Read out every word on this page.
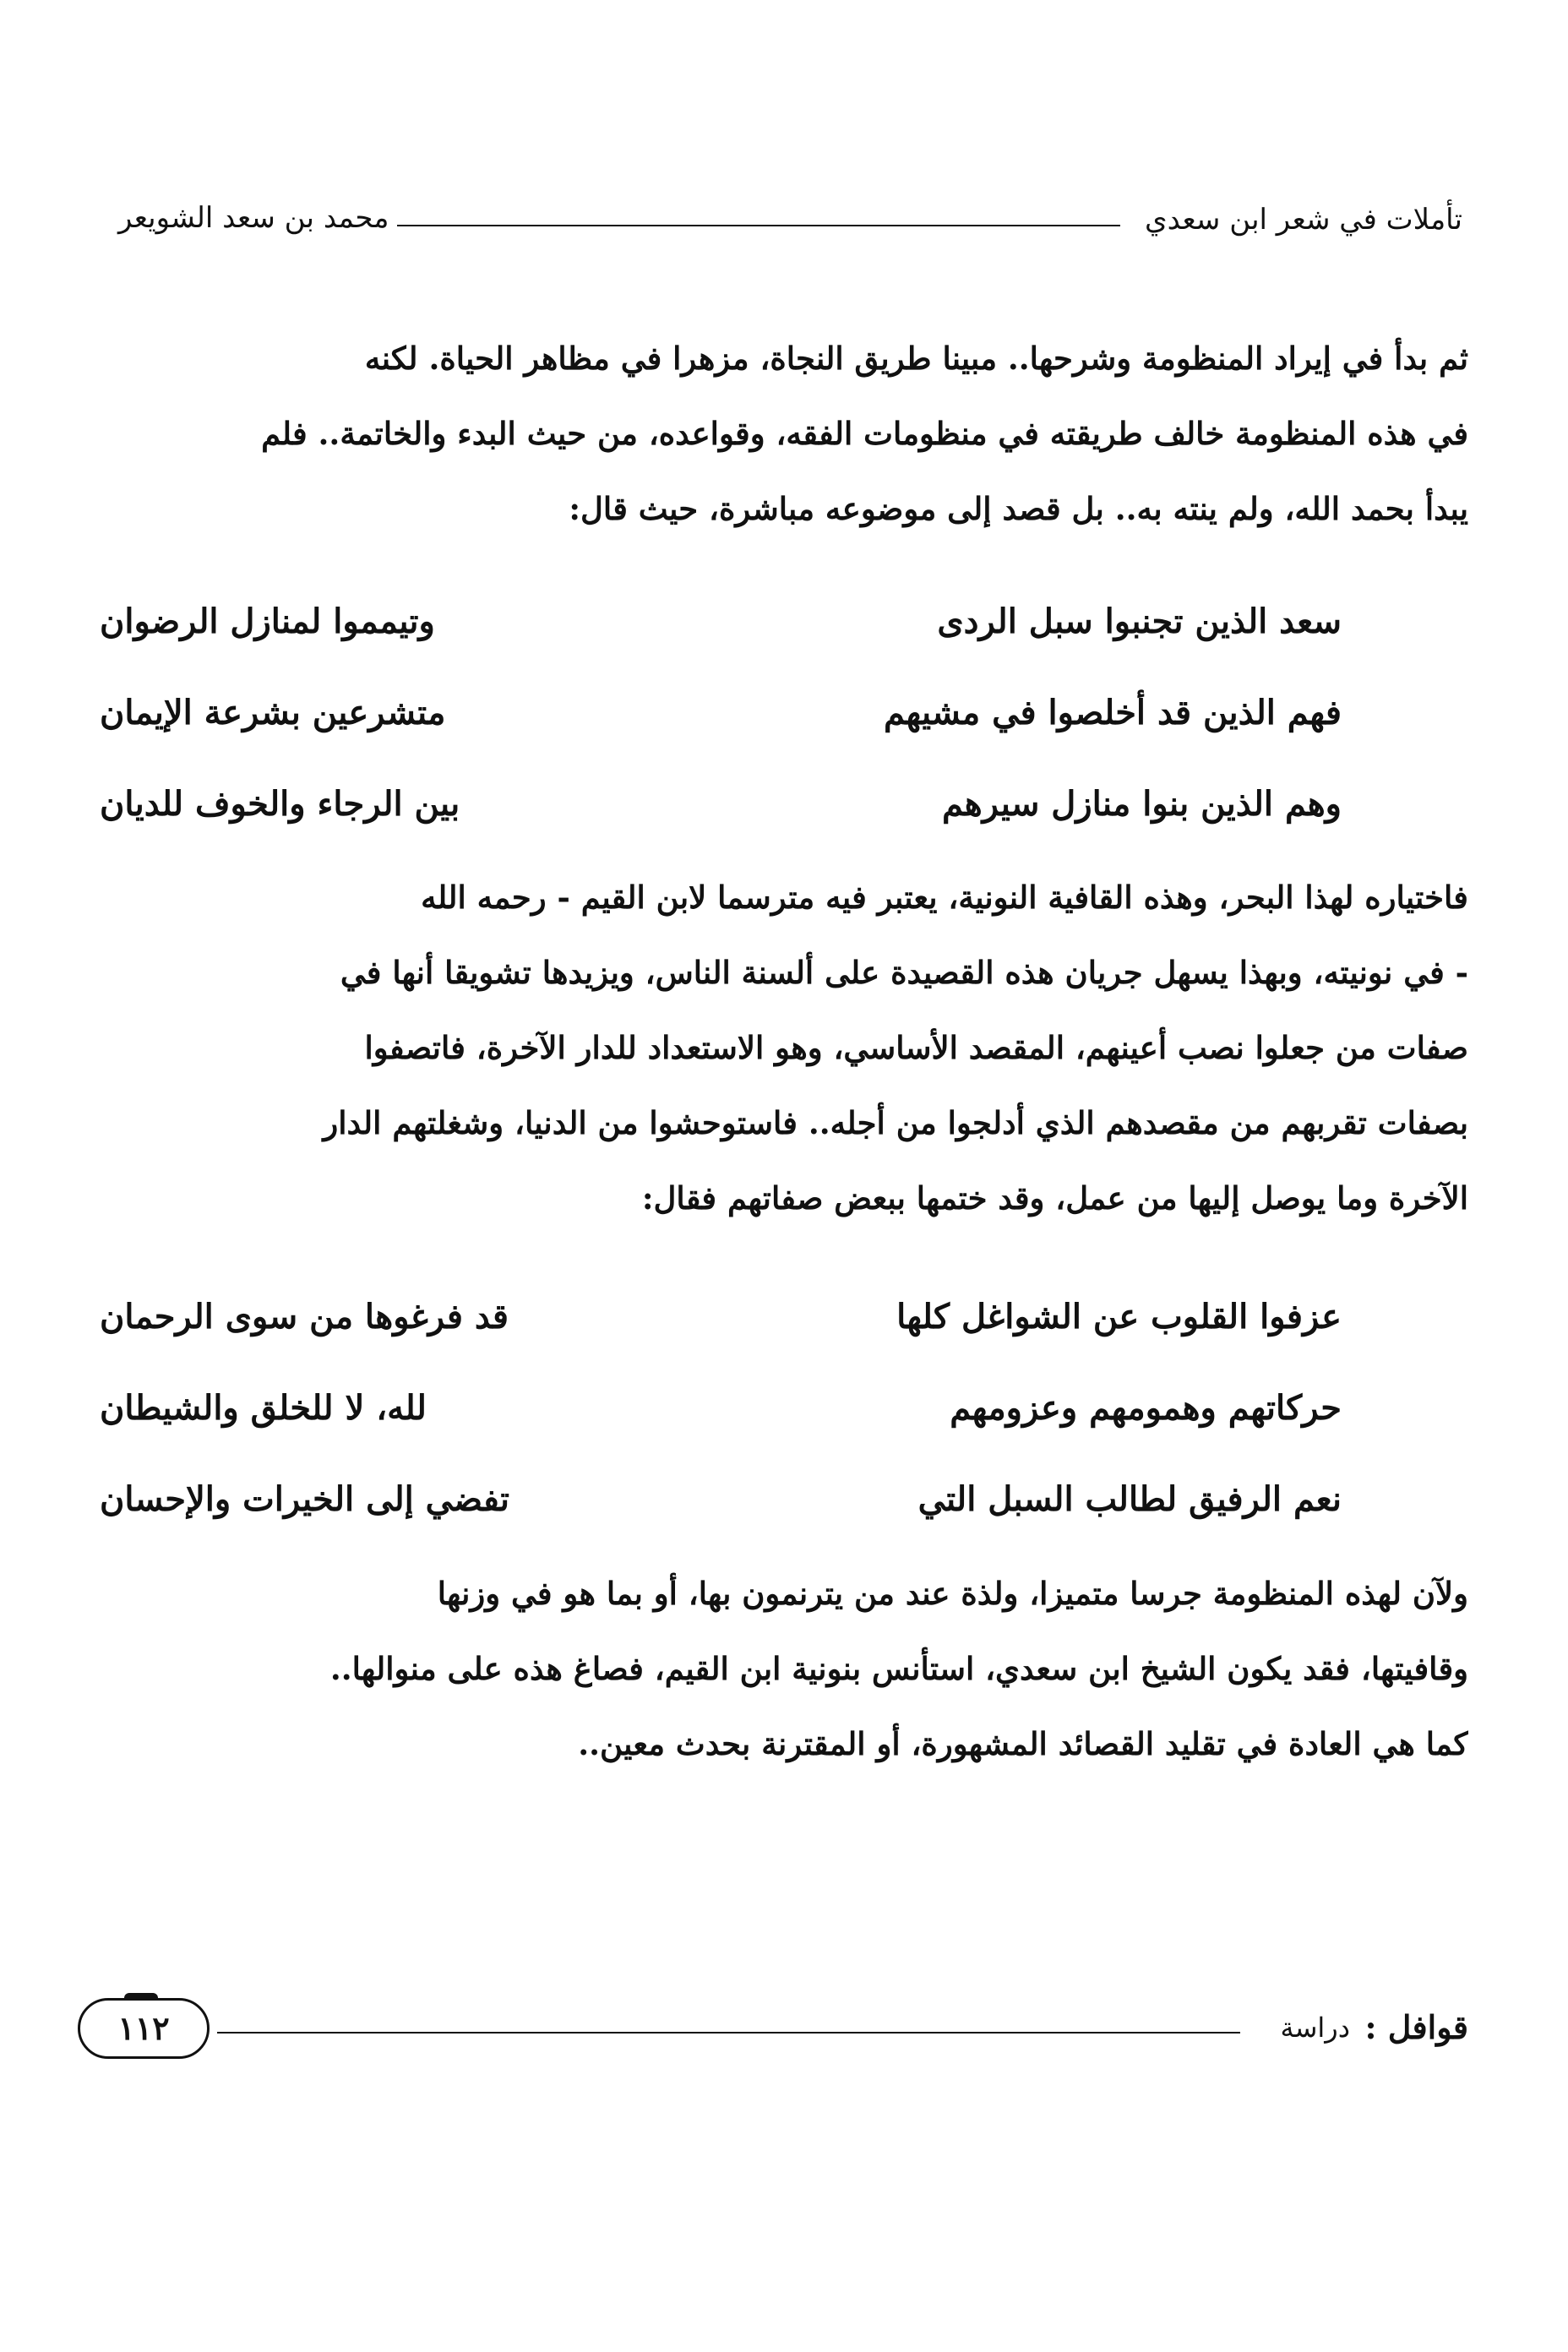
تأملات في شعر ابن سعدي
محمد بن سعد الشويعر
ثم بدأ في إيراد المنظومة وشرحها.. مبينا طريق النجاة، مزهرا في مظاهر الحياة. لكنه
في هذه المنظومة خالف طريقته في منظومات الفقه، وقواعده، من حيث البدء والخاتمة.. فلم
يبدأ بحمد الله، ولم ينته به.. بل قصد إلى موضوعه مباشرة، حيث قال:
سعد الذين تجنبوا سبل الردى
وتيمموا لمنازل الرضوان
فهم الذين قد أخلصوا في مشيهم
متشرعين بشرعة الإيمان
وهم الذين بنوا منازل سيرهم
بين الرجاء والخوف للديان
فاختياره لهذا البحر، وهذه القافية النونية، يعتبر فيه مترسما لابن القيم - رحمه الله
- في نونيته، وبهذا يسهل جريان هذه القصيدة على ألسنة الناس، ويزيدها تشويقا أنها في
صفات من جعلوا نصب أعينهم، المقصد الأساسي، وهو الاستعداد للدار الآخرة، فاتصفوا
بصفات تقربهم من مقصدهم الذي أدلجوا من أجله.. فاستوحشوا من الدنيا، وشغلتهم الدار
الآخرة وما يوصل إليها من عمل، وقد ختمها ببعض صفاتهم فقال:
عزفوا القلوب عن الشواغل كلها
قد فرغوها من سوى الرحمان
حركاتهم وهمومهم وعزومهم
لله، لا للخلق والشيطان
نعم الرفيق لطالب السبل التي
تفضي إلى الخيرات والإحسان
ولآن لهذه المنظومة جرسا متميزا، ولذة عند من يترنمون بها، أو بما هو في وزنها
وقافيتها، فقد يكون الشيخ ابن سعدي، استأنس بنونية ابن القيم، فصاغ هذه على منوالها..
كما هي العادة في تقليد القصائد المشهورة، أو المقترنة بحدث معين..
قوافل :
دراسة
١١٢
